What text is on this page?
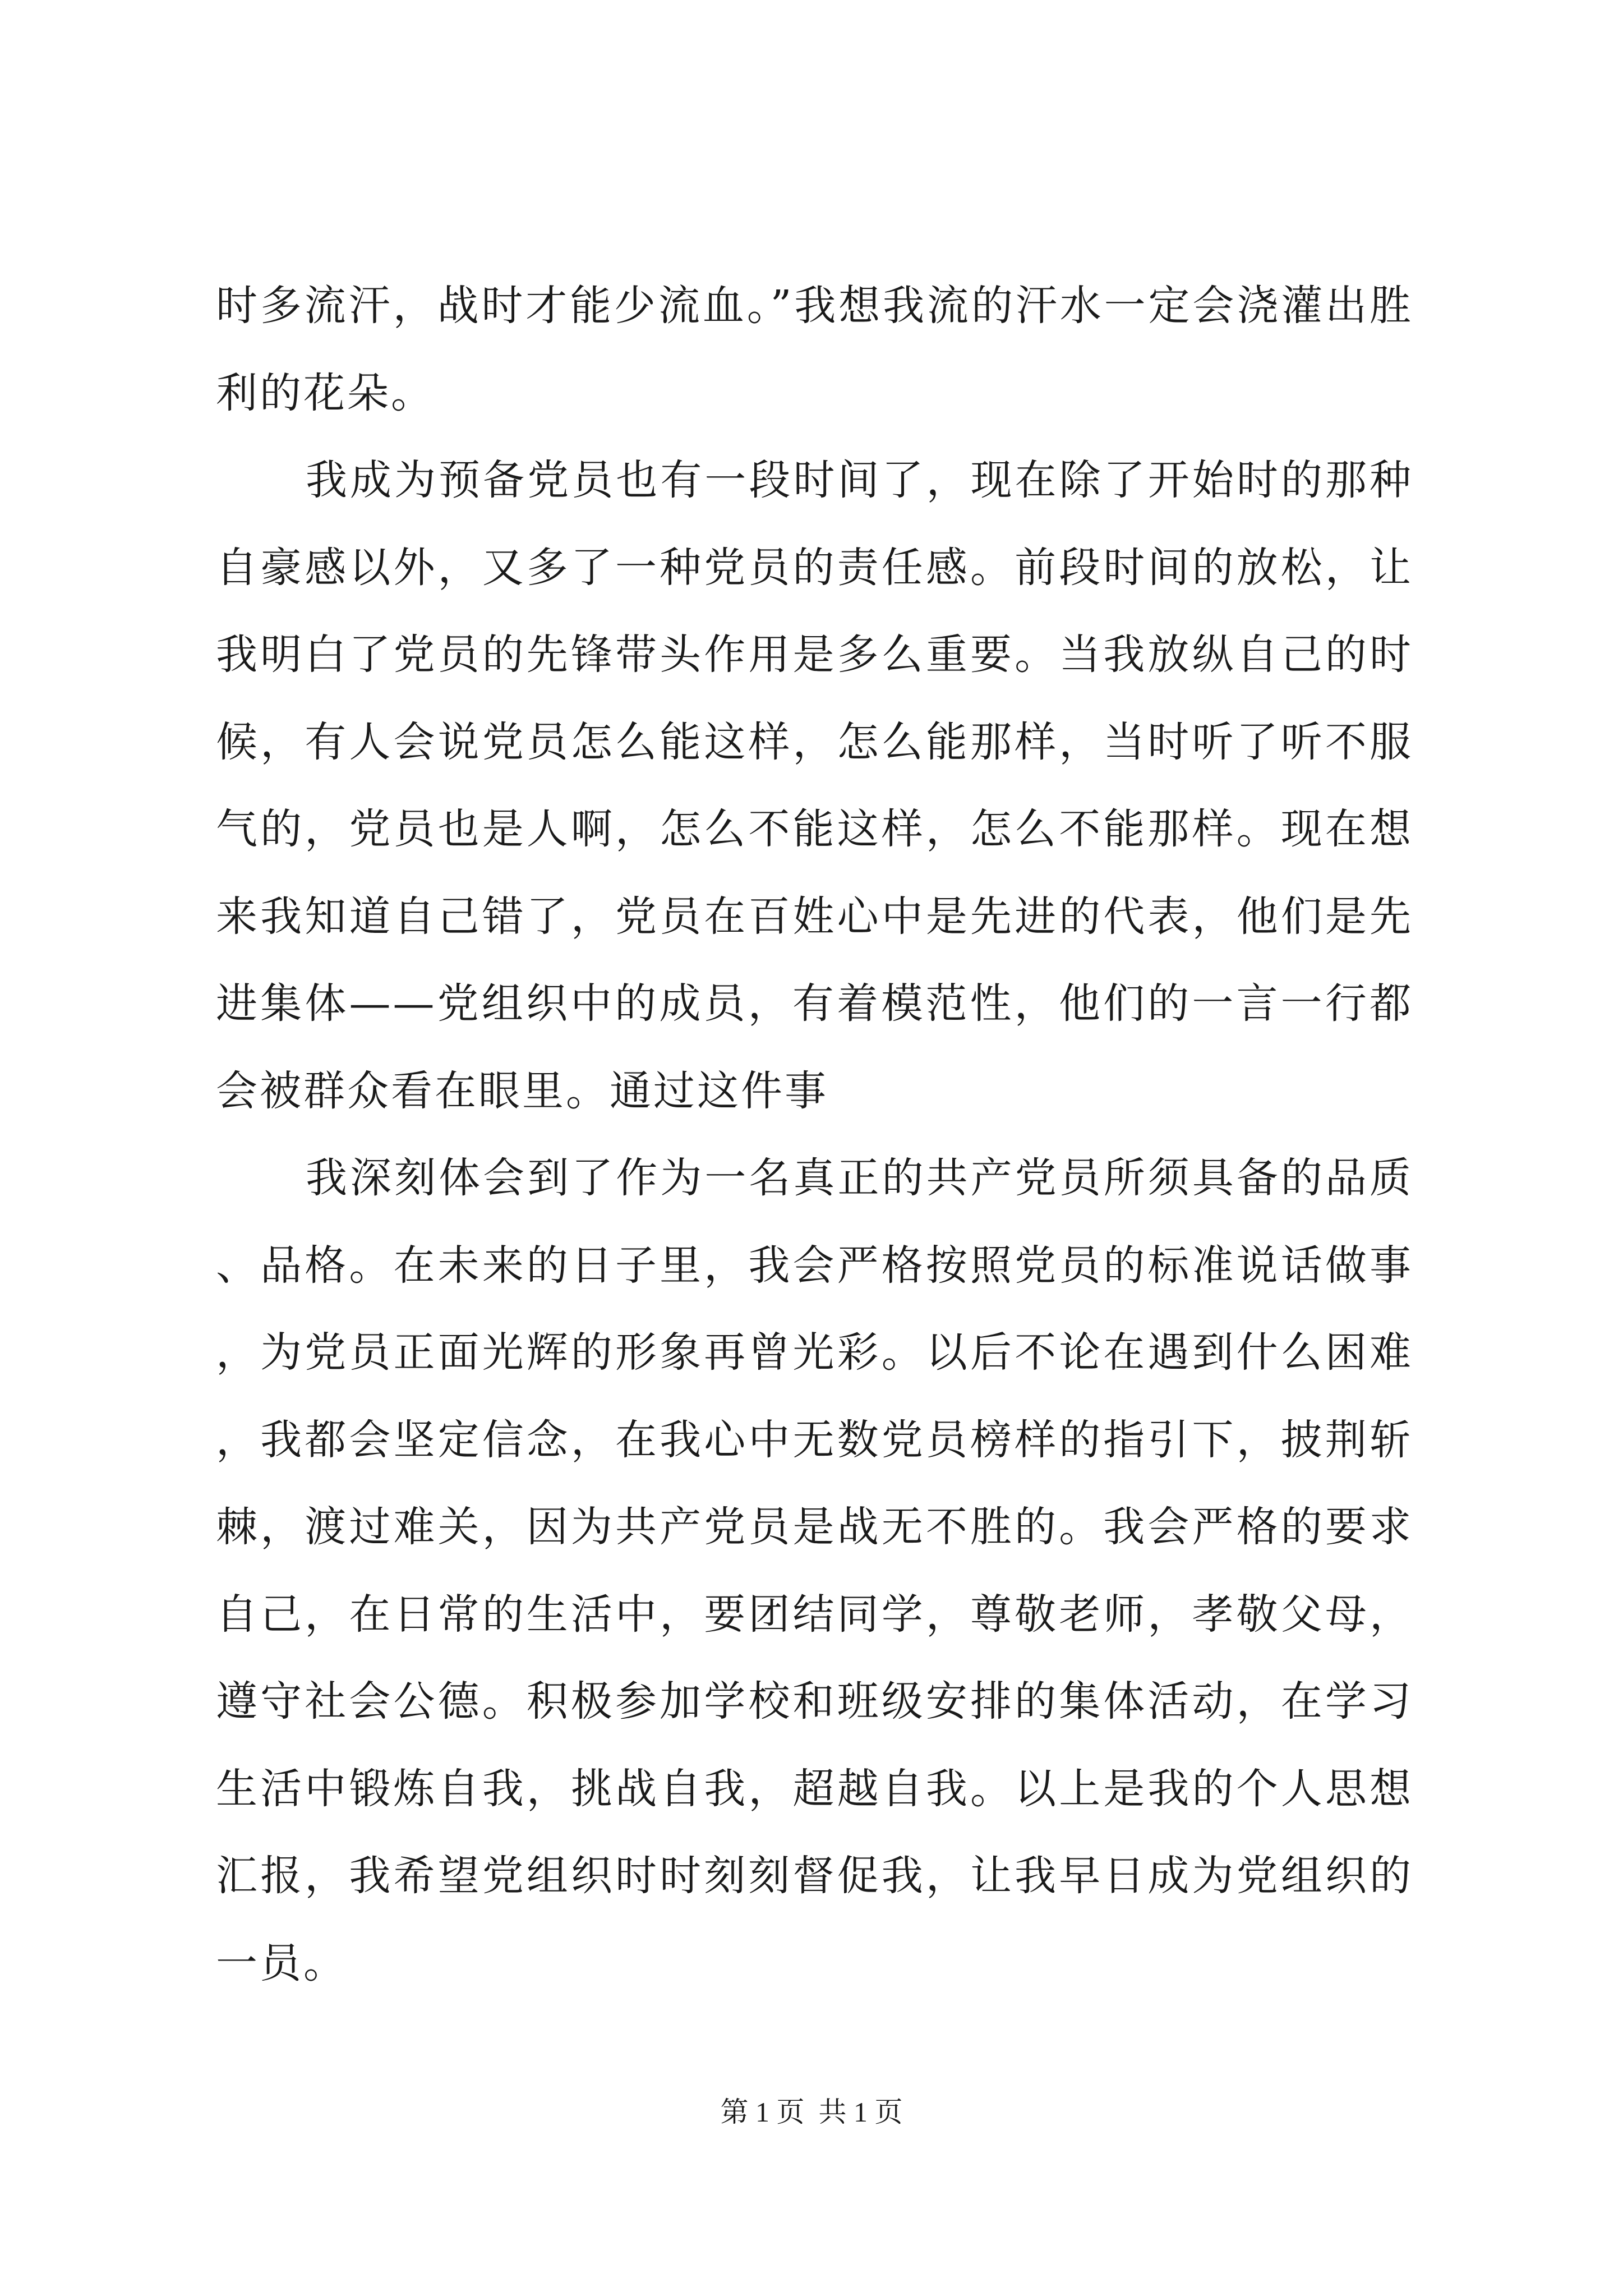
时多流汗，战时才能少流血。”我想我流的汗水一定会浇灌出胜利的花朵。

我成为预备党员也有一段时间了，现在除了开始时的那种自豪感以外，又多了一种党员的责任感。前段时间的放松，让我明白了党员的先锋带头作用是多么重要。当我放纵自己的时候，有人会说党员怎么能这样，怎么能那样，当时听了听不服气的，党员也是人啊，怎么不能这样，怎么不能那样。现在想来我知道自己错了，党员在百姓心中是先进的代表，他们是先进集体——党组织中的成员，有着模范性，他们的一言一行都会被群众看在眼里。通过这件事

我深刻体会到了作为一名真正的共产党员所须具备的品质、品格。在未来的日子里，我会严格按照党员的标准说话做事，为党员正面光辉的形象再曾光彩。以后不论在遇到什么困难，我都会坚定信念，在我心中无数党员榜样的指引下，披荆斩棘，渡过难关，因为共产党员是战无不胜的。我会严格的要求自己，在日常的生活中，要团结同学，尊敬老师，孝敬父母，遵守社会公德。积极参加学校和班级安排的集体活动，在学习生活中锻炼自我，挑战自我，超越自我。以上是我的个人思想汇报，我希望党组织时时刻刻督促我，让我早日成为党组织的一员。

第 1 页  共 1 页
